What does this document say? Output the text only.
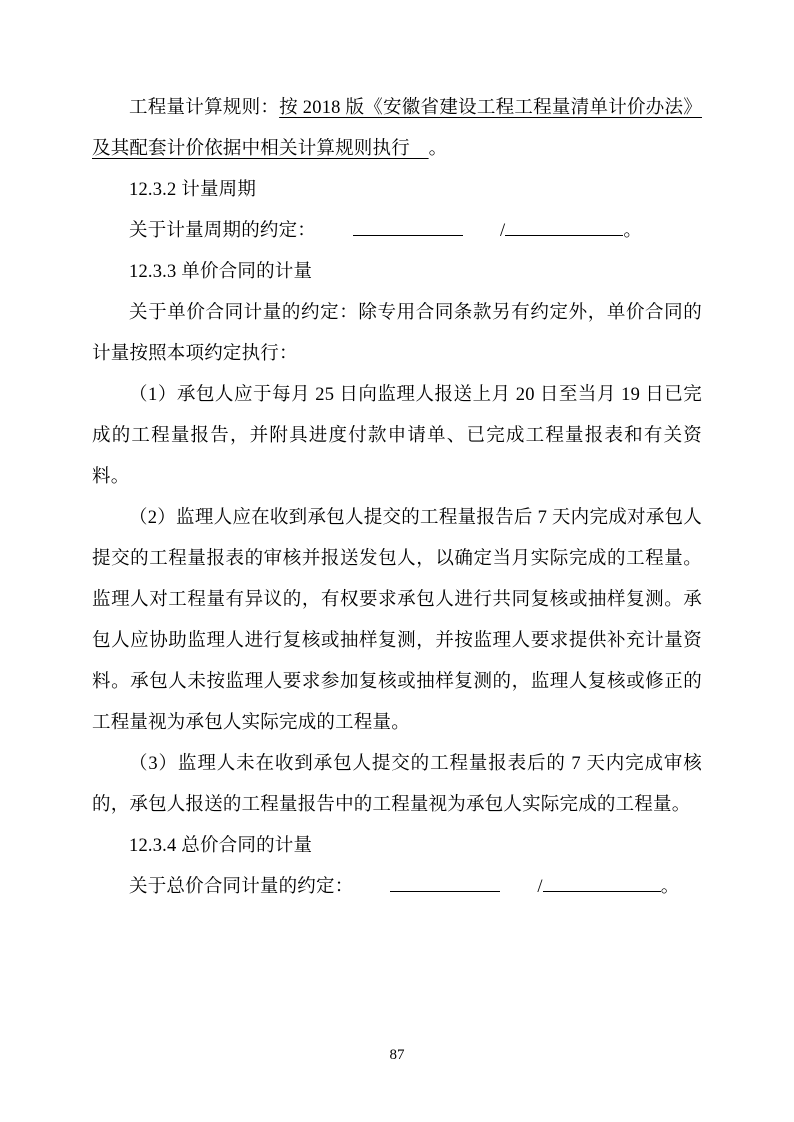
工程量计算规则：按 2018 版《安徽省建设工程工程量清单计价办法》及其配套计价依据中相关计算规则执行　。

12.3.2 计量周期

关于计量周期的约定：	/	。

12.3.3 单价合同的计量

关于单价合同计量的约定：除专用合同条款另有约定外，单价合同的计量按照本项约定执行：

（1）承包人应于每月 25 日向监理人报送上月 20 日至当月 19 日已完成的工程量报告，并附具进度付款申请单、已完成工程量报表和有关资料。

（2）监理人应在收到承包人提交的工程量报告后 7 天内完成对承包人提交的工程量报表的审核并报送发包人，以确定当月实际完成的工程量。监理人对工程量有异议的，有权要求承包人进行共同复核或抽样复测。承包人应协助监理人进行复核或抽样复测，并按监理人要求提供补充计量资料。承包人未按监理人要求参加复核或抽样复测的，监理人复核或修正的工程量视为承包人实际完成的工程量。

（3）监理人未在收到承包人提交的工程量报表后的 7 天内完成审核的，承包人报送的工程量报告中的工程量视为承包人实际完成的工程量。

12.3.4 总价合同的计量

关于总价合同计量的约定：	/	。

87
